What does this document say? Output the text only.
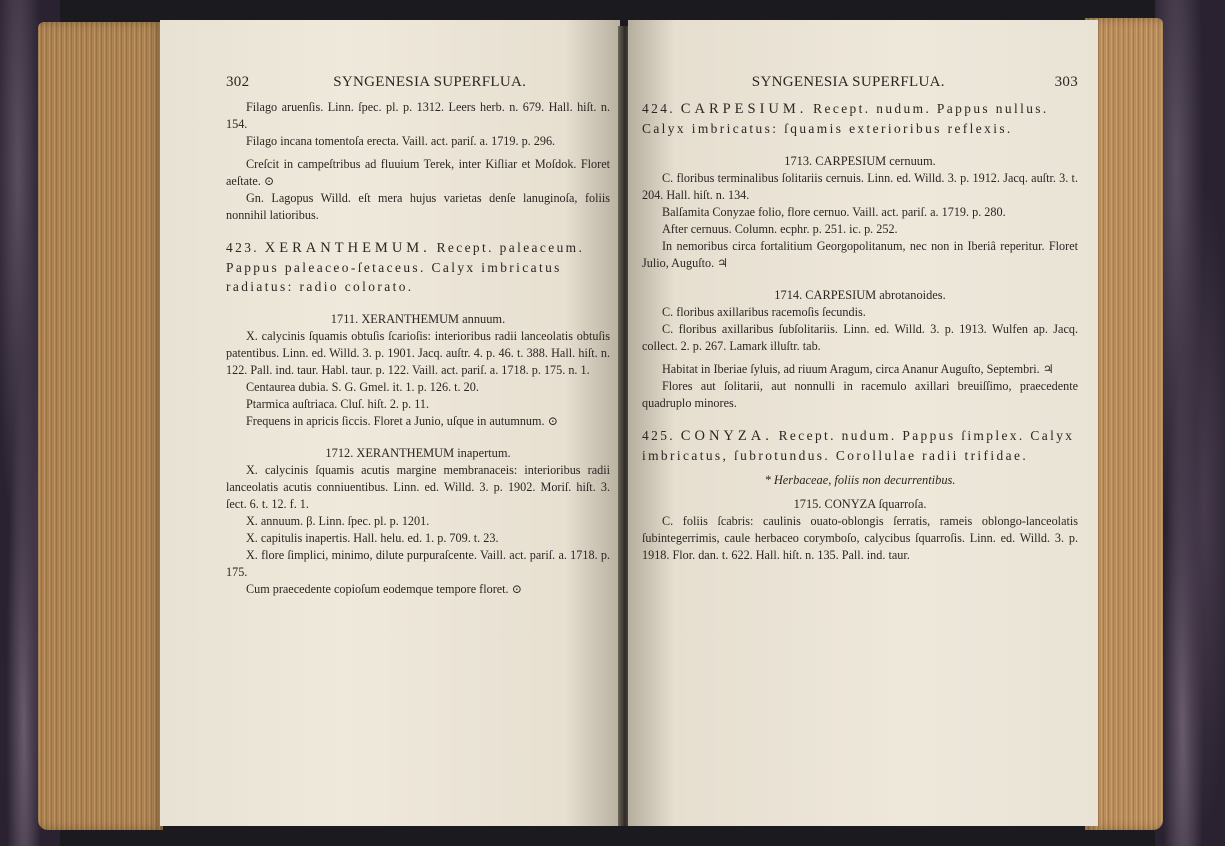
302	SYNGENESIA SUPERFLUA.

Filago aruenſis. Linn. ſpec. pl. p. 1312. Leers herb. n. 679. Hall. hiſt. n. 154.

Filago incana tomentoſa erecta. Vaill. act. pariſ. a. 1719. p. 296.

Creſcit in campeſtribus ad fluuium Terek, inter Kiſliar et Moſdok. Floret aeſtate. ⊙

Gn. Lagopus Willd. eſt mera hujus varietas denſe lanuginoſa, foliis nonnihil latioribus.

423. XERANTHEMUM. Recept. paleaceum. Pappus paleaceo-ſetaceus. Calyx imbricatus radiatus: radio colorato.

1711. XERANTHEMUM annuum.

X. calycinis ſquamis obtuſis ſcarioſis: interioribus radii lanceolatis obtuſis patentibus. Linn. ed. Willd. 3. p. 1901. Jacq. auſtr. 4. p. 46. t. 388. Hall. hiſt. n. 122. Pall. ind. taur. Habl. taur. p. 122. Vaill. act. pariſ. a. 1718. p. 175. n. 1.

Centaurea dubia. S. G. Gmel. it. 1. p. 126. t. 20.

Ptarmica auſtriaca. Cluſ. hiſt. 2. p. 11.

Frequens in apricis ſiccis. Floret a Junio, uſque in autumnum. ⊙

1712. XERANTHEMUM inapertum.

X. calycinis ſquamis acutis margine membranaceis: interioribus radii lanceolatis acutis conniuentibus. Linn. ed. Willd. 3. p. 1902. Moriſ. hiſt. 3. ſect. 6. t. 12. f. 1.

X. annuum. β. Linn. ſpec. pl. p. 1201.

X. capitulis inapertis. Hall. helu. ed. 1. p. 709. t. 23.

X. flore ſimplici, minimo, dilute purpuraſcente. Vaill. act. pariſ. a. 1718. p. 175.

Cum praecedente copioſum eodemque tempore floret. ⊙

SYNGENESIA SUPERFLUA.	303

424. CARPESIUM. Recept. nudum. Pappus nullus. Calyx imbricatus: ſquamis exterioribus reflexis.

1713. CARPESIUM cernuum.

C. floribus terminalibus ſolitariis cernuis. Linn. ed. Willd. 3. p. 1912. Jacq. auſtr. 3. t. 204. Hall. hiſt. n. 134.

Balſamita Conyzae folio, flore cernuo. Vaill. act. pariſ. a. 1719. p. 280.

After cernuus. Column. ecphr. p. 251. ic. p. 252.

In nemoribus circa fortalitium Georgopolitanum, nec non in Iberiâ reperitur. Floret Julio, Auguſto. ♃

1714. CARPESIUM abrotanoides.

C. floribus axillaribus racemoſis ſecundis.

C. floribus axillaribus ſubſolitariis. Linn. ed. Willd. 3. p. 1913. Wulfen ap. Jacq. collect. 2. p. 267. Lamark illuſtr. tab.

Habitat in Iberiae ſyluis, ad riuum Aragum, circa Ananur Auguſto, Septembri. ♃

Flores aut ſolitarii, aut nonnulli in racemulo axillari breuiſſimo, praecedente quadruplo minores.

425. CONYZA. Recept. nudum. Pappus ſimplex. Calyx imbricatus, ſubrotundus. Corollulae radii trifidae.

* Herbaceae, foliis non decurrentibus.

1715. CONYZA ſquarroſa.

C. foliis ſcabris: caulinis ouato-oblongis ſerratis, rameis oblongo-lanceolatis ſubintegerrimis, caule herbaceo corymboſo, calycibus ſquarroſis. Linn. ed. Willd. 3. p. 1918. Flor. dan. t. 622. Hall. hiſt. n. 135. Pall. ind. taur.
